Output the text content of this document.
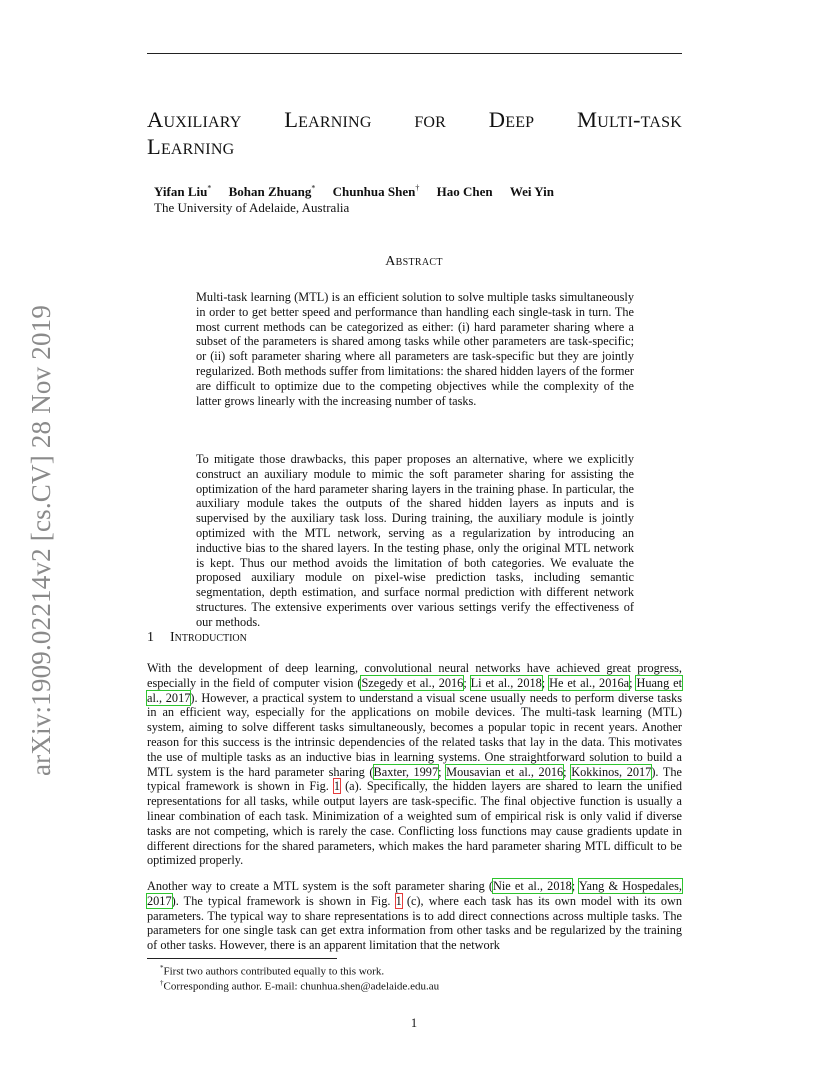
arXiv:1909.02214v2 [cs.CV] 28 Nov 2019
Auxiliary Learning for Deep Multi-task
Learning
Yifan Liu* Bohan Zhuang* Chunhua Shen† Hao Chen Wei Yin
The University of Adelaide, Australia
Abstract
Multi-task learning (MTL) is an efficient solution to solve multiple tasks simultaneously in order to get better speed and performance than handling each single-task in turn. The most current methods can be categorized as either: (i) hard parameter sharing where a subset of the parameters is shared among tasks while other parameters are task-specific; or (ii) soft parameter sharing where all parameters are task-specific but they are jointly regularized. Both methods suffer from limitations: the shared hidden layers of the former are difficult to optimize due to the competing objectives while the complexity of the latter grows linearly with the increasing number of tasks.
To mitigate those drawbacks, this paper proposes an alternative, where we explicitly construct an auxiliary module to mimic the soft parameter sharing for assisting the optimization of the hard parameter sharing layers in the training phase. In particular, the auxiliary module takes the outputs of the shared hidden layers as inputs and is supervised by the auxiliary task loss. During training, the auxiliary module is jointly optimized with the MTL network, serving as a regularization by introducing an inductive bias to the shared layers. In the testing phase, only the original MTL network is kept. Thus our method avoids the limitation of both categories. We evaluate the proposed auxiliary module on pixel-wise prediction tasks, including semantic segmentation, depth estimation, and surface normal prediction with different network structures. The extensive experiments over various settings verify the effectiveness of our methods.
1 Introduction
With the development of deep learning, convolutional neural networks have achieved great progress, especially in the field of computer vision (Szegedy et al., 2016; Li et al., 2018; He et al., 2016a; Huang et al., 2017). However, a practical system to understand a visual scene usually needs to perform diverse tasks in an efficient way, especially for the applications on mobile devices. The multi-task learning (MTL) system, aiming to solve different tasks simultaneously, becomes a popular topic in recent years. Another reason for this success is the intrinsic dependencies of the related tasks that lay in the data. This motivates the use of multiple tasks as an inductive bias in learning systems. One straightforward solution to build a MTL system is the hard parameter sharing (Baxter, 1997; Mousavian et al., 2016; Kokkinos, 2017). The typical framework is shown in Fig. 1 (a). Specifically, the hidden layers are shared to learn the unified representations for all tasks, while output layers are task-specific. The final objective function is usually a linear combination of each task. Minimization of a weighted sum of empirical risk is only valid if diverse tasks are not competing, which is rarely the case. Conflicting loss functions may cause gradients update in different directions for the shared parameters, which makes the hard parameter sharing MTL difficult to be optimized properly.
Another way to create a MTL system is the soft parameter sharing (Nie et al., 2018; Yang & Hospedales, 2017). The typical framework is shown in Fig. 1 (c), where each task has its own model with its own parameters. The typical way to share representations is to add direct connections across multiple tasks. The parameters for one single task can get extra information from other tasks and be regularized by the training of other tasks. However, there is an apparent limitation that the network
*First two authors contributed equally to this work.
†Corresponding author. E-mail: chunhua.shen@adelaide.edu.au
1
